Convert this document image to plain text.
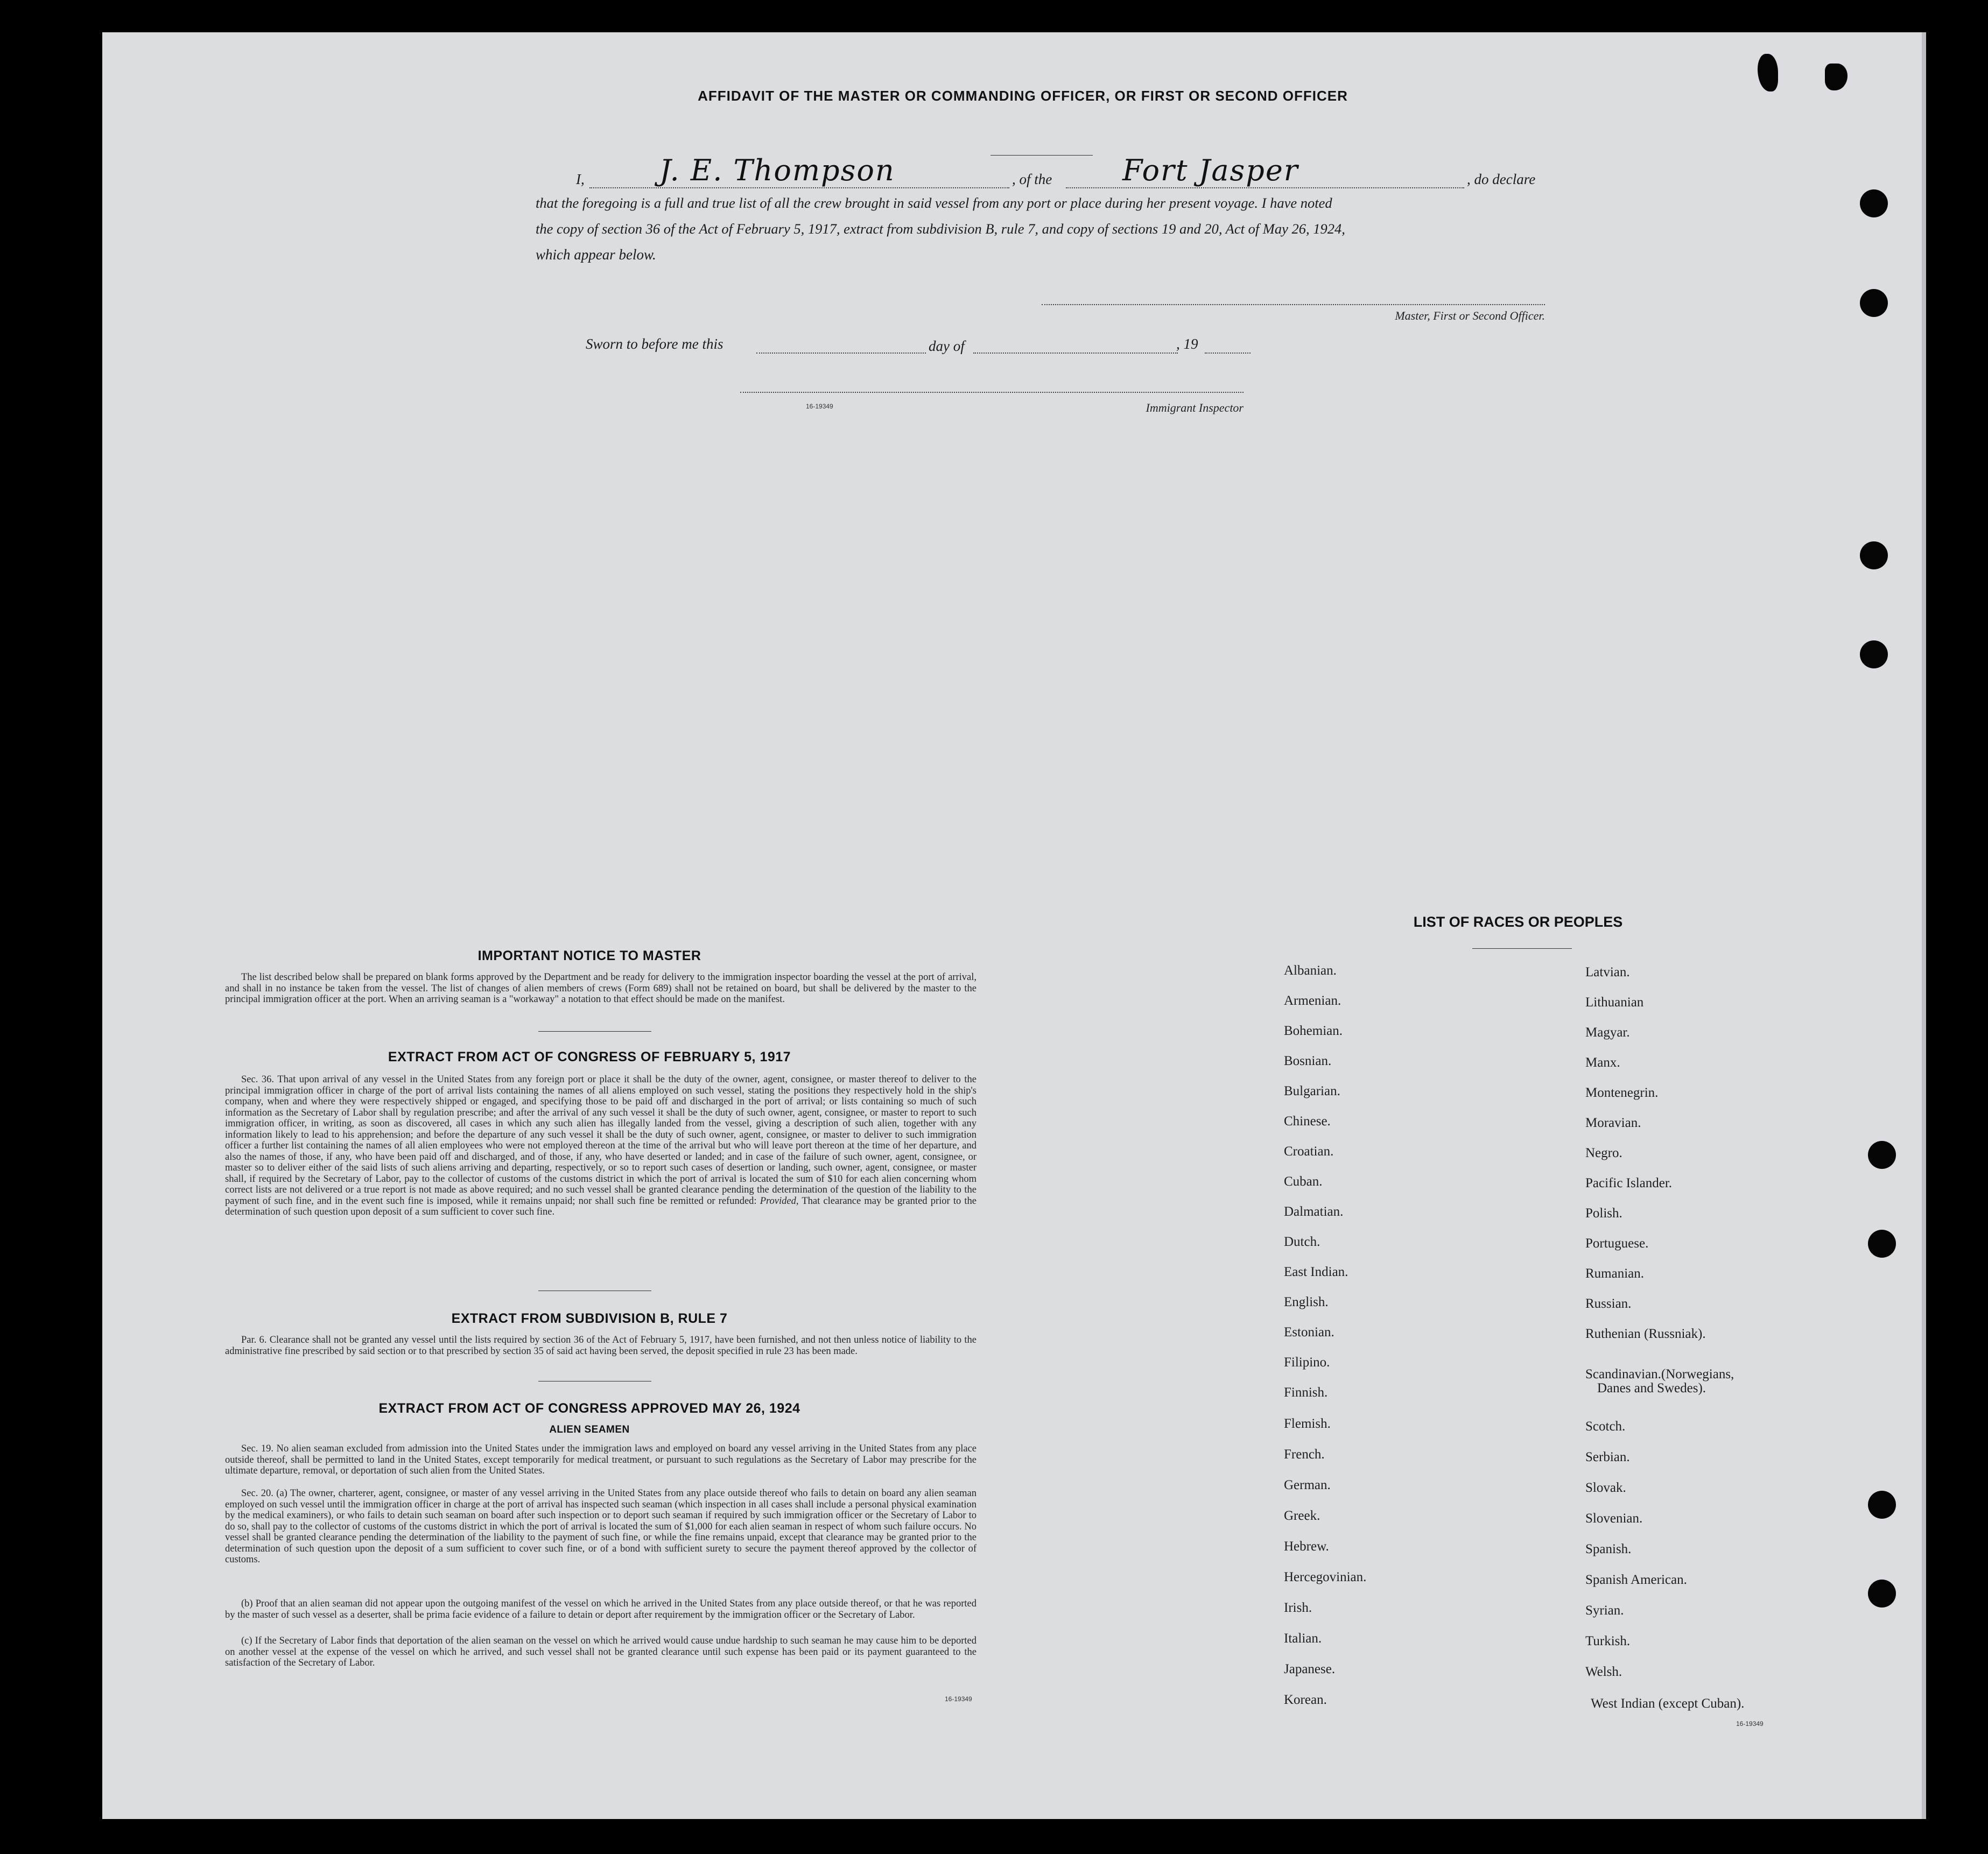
AFFIDAVIT OF THE MASTER OR COMMANDING OFFICER, OR FIRST OR SECOND OFFICER
I,	J. E. Thompson	, of the Fort Jasper	, do declare
that the foregoing is a full and true list of all the crew brought in said vessel from any port or place during her present voyage. I have noted
the copy of section 36 of the Act of February 5, 1917, extract from subdivision B, rule 7, and copy of sections 19 and 20, Act of May 26, 1924,
which appear below.
Master, First or Second Officer.
Sworn to before me this	day of	, 19
16-19349	Immigrant Inspector
IMPORTANT NOTICE TO MASTER
The list described below shall be prepared on blank forms approved by the Department and be ready for delivery to the immigration inspector boarding the vessel at the port of arrival, and shall in no instance be taken from the vessel. The list of changes of alien members of crews (Form 689) shall not be retained on board, but shall be delivered by the master to the principal immigration officer at the port. When an arriving seaman is a "workaway" a notation to that effect should be made on the manifest.
EXTRACT FROM ACT OF CONGRESS OF FEBRUARY 5, 1917
Sec. 36. That upon arrival of any vessel in the United States from any foreign port or place it shall be the duty of the owner, agent, consignee, or master thereof to deliver to the principal immigration officer in charge of the port of arrival lists containing the names of all aliens employed on such vessel, stating the positions they respectively hold in the ship's company, when and where they were respectively shipped or engaged, and specifying those to be paid off and discharged in the port of arrival; or lists containing so much of such information as the Secretary of Labor shall by regulation prescribe; and after the arrival of any such vessel it shall be the duty of such owner, agent, consignee, or master to report to such immigration officer, in writing, as soon as discovered, all cases in which any such alien has illegally landed from the vessel, giving a description of such alien, together with any information likely to lead to his apprehension; and before the departure of any such vessel it shall be the duty of such owner, agent, consignee, or master to deliver to such immigration officer a further list containing the names of all alien employees who were not employed thereon at the time of the arrival but who will leave port thereon at the time of her departure, and also the names of those, if any, who have been paid off and discharged, and of those, if any, who have deserted or landed; and in case of the failure of such owner, agent, consignee, or master so to deliver either of the said lists of such aliens arriving and departing, respectively, or so to report such cases of desertion or landing, such owner, agent, consignee, or master shall, if required by the Secretary of Labor, pay to the collector of customs of the customs district in which the port of arrival is located the sum of $10 for each alien concerning whom correct lists are not delivered or a true report is not made as above required; and no such vessel shall be granted clearance pending the determination of the question of the liability to the payment of such fine, and in the event such fine is imposed, while it remains unpaid; nor shall such fine be remitted or refunded: Provided, That clearance may be granted prior to the determination of such question upon deposit of a sum sufficient to cover such fine.
EXTRACT FROM SUBDIVISION B, RULE 7
Par. 6. Clearance shall not be granted any vessel until the lists required by section 36 of the Act of February 5, 1917, have been furnished, and not then unless notice of liability to the administrative fine prescribed by said section or to that prescribed by section 35 of said act having been served, the deposit specified in rule 23 has been made.
EXTRACT FROM ACT OF CONGRESS APPROVED MAY 26, 1924
ALIEN SEAMEN
Sec. 19. No alien seaman excluded from admission into the United States under the immigration laws and employed on board any vessel arriving in the United States from any place outside thereof, shall be permitted to land in the United States, except temporarily for medical treatment, or pursuant to such regulations as the Secretary of Labor may prescribe for the ultimate departure, removal, or deportation of such alien from the United States.
Sec. 20. (a) The owner, charterer, agent, consignee, or master of any vessel arriving in the United States from any place outside thereof who fails to detain on board any alien seaman employed on such vessel until the immigration officer in charge at the port of arrival has inspected such seaman (which inspection in all cases shall include a personal physical examination by the medical examiners), or who fails to detain such seaman on board after such inspection or to deport such seaman if required by such immigration officer or the Secretary of Labor to do so, shall pay to the collector of customs of the customs district in which the port of arrival is located the sum of $1,000 for each alien seaman in respect of whom such failure occurs. No vessel shall be granted clearance pending the determination of the liability to the payment of such fine, or while the fine remains unpaid, except that clearance may be granted prior to the determination of such question upon the deposit of a sum sufficient to cover such fine, or of a bond with sufficient surety to secure the payment thereof approved by the collector of customs.
(b) Proof that an alien seaman did not appear upon the outgoing manifest of the vessel on which he arrived in the United States from any place outside thereof, or that he was reported by the master of such vessel as a deserter, shall be prima facie evidence of a failure to detain or deport after requirement by the immigration officer or the Secretary of Labor.
(c) If the Secretary of Labor finds that deportation of the alien seaman on the vessel on which he arrived would cause undue hardship to such seaman he may cause him to be deported on another vessel at the expense of the vessel on which he arrived, and such vessel shall not be granted clearance until such expense has been paid or its payment guaranteed to the satisfaction of the Secretary of Labor.
16-19349
LIST OF RACES OR PEOPLES
Albanian.
Armenian.
Bohemian.
Bosnian.
Bulgarian.
Chinese.
Croatian.
Cuban.
Dalmatian.
Dutch.
East Indian.
English.
Estonian.
Filipino.
Finnish.
Flemish.
French.
German.
Greek.
Hebrew.
Hercegovinian.
Irish.
Italian.
Japanese.
Korean.
Latvian.
Lithuanian
Magyar.
Manx.
Montenegrin.
Moravian.
Negro.
Pacific Islander.
Polish.
Portuguese.
Rumanian.
Russian.
Ruthenian (Russniak).
Scandinavian.(Norwegians,
Danes and Swedes).
Scotch.
Serbian.
Slovak.
Slovenian.
Spanish.
Spanish American.
Syrian.
Turkish.
Welsh.
West Indian (except Cuban).
16-19349
